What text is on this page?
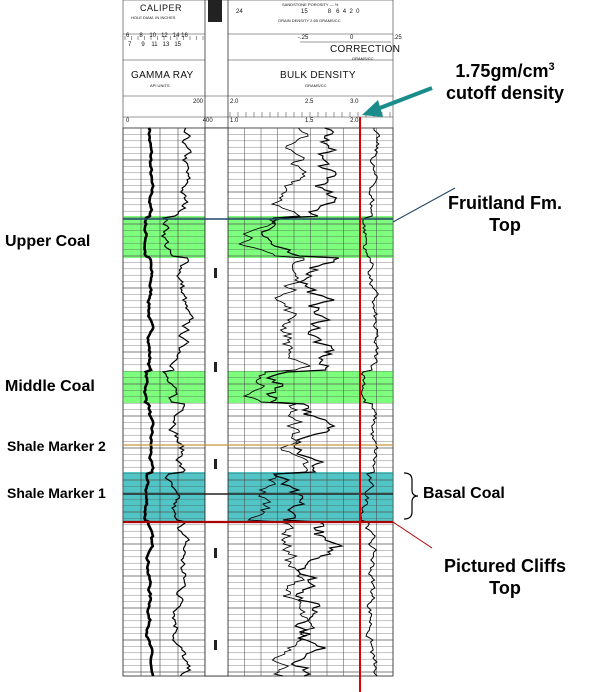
CALIPER
HOLE DIAM. IN INCHES
6 8 10 12 14 16
7 9 11 13 15
SANDSTONE POROSITY — %
24	15	8 6 4 2 0
GRAIN DENSITY 2.65 GRAMS/CC
CORRECTION
GRAMS/CC
-.25	0	.25
GAMMA RAY
API UNITS
200
0	400
BULK DENSITY
GRAMS/CC
2.0	2.5	3.0
1.0	1.5	2.0
$1.75gm/cm^3$
cutoff density
Fruitland Fm.
Top
Pictured Cliffs
Top
Basal Coal
Upper Coal
Middle Coal
Shale Marker 2
Shale Marker 1
